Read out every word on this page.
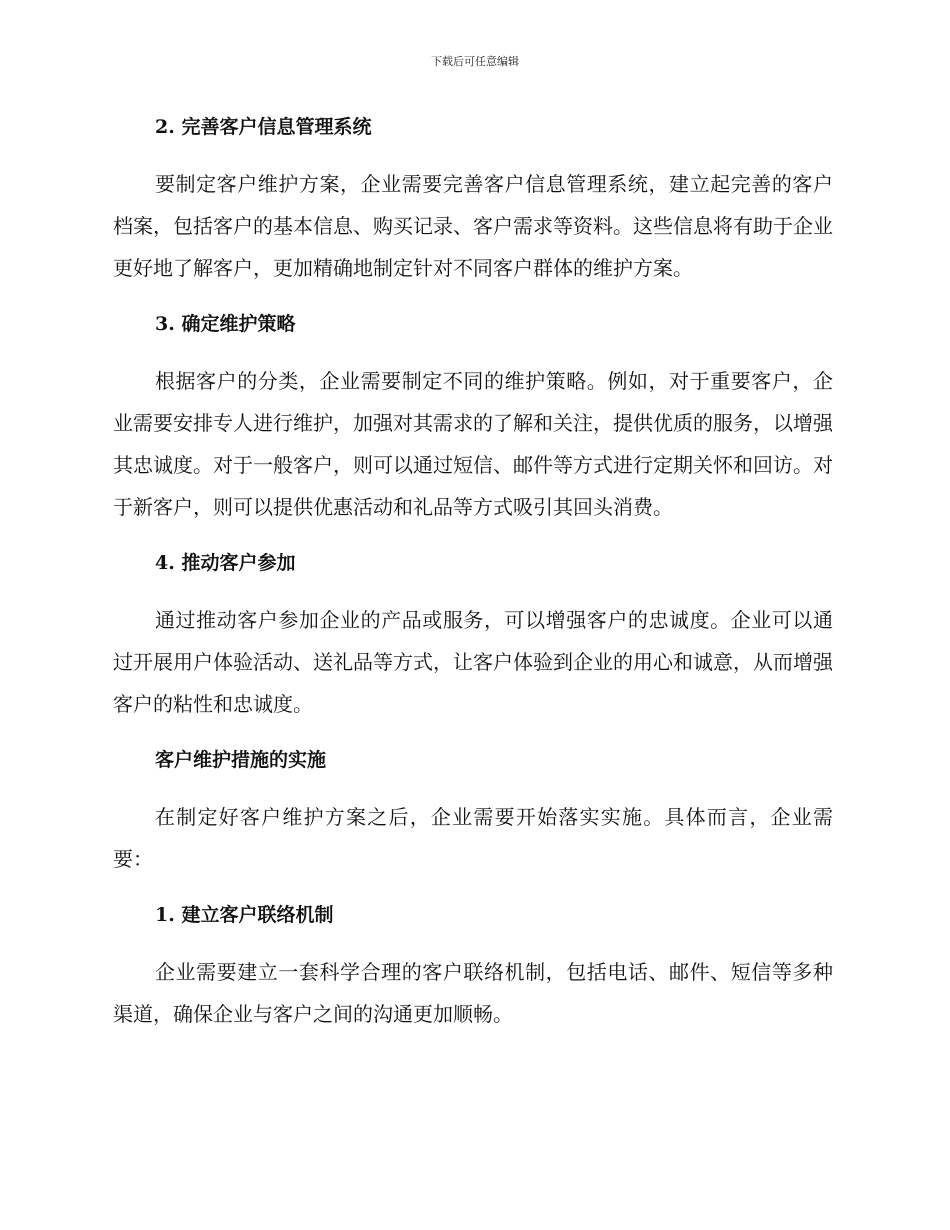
下载后可任意编辑
2. 完善客户信息管理系统

要制定客户维护方案，企业需要完善客户信息管理系统，建立起完善的客户档案，包括客户的基本信息、购买记录、客户需求等资料。这些信息将有助于企业更好地了解客户，更加精确地制定针对不同客户群体的维护方案。

3. 确定维护策略

根据客户的分类，企业需要制定不同的维护策略。例如，对于重要客户，企业需要安排专人进行维护，加强对其需求的了解和关注，提供优质的服务，以增强其忠诚度。对于一般客户，则可以通过短信、邮件等方式进行定期关怀和回访。对于新客户，则可以提供优惠活动和礼品等方式吸引其回头消费。

4. 推动客户参加

通过推动客户参加企业的产品或服务，可以增强客户的忠诚度。企业可以通过开展用户体验活动、送礼品等方式，让客户体验到企业的用心和诚意，从而增强客户的粘性和忠诚度。

客户维护措施的实施

在制定好客户维护方案之后，企业需要开始落实实施。具体而言，企业需要：

1. 建立客户联络机制

企业需要建立一套科学合理的客户联络机制，包括电话、邮件、短信等多种渠道，确保企业与客户之间的沟通更加顺畅。
